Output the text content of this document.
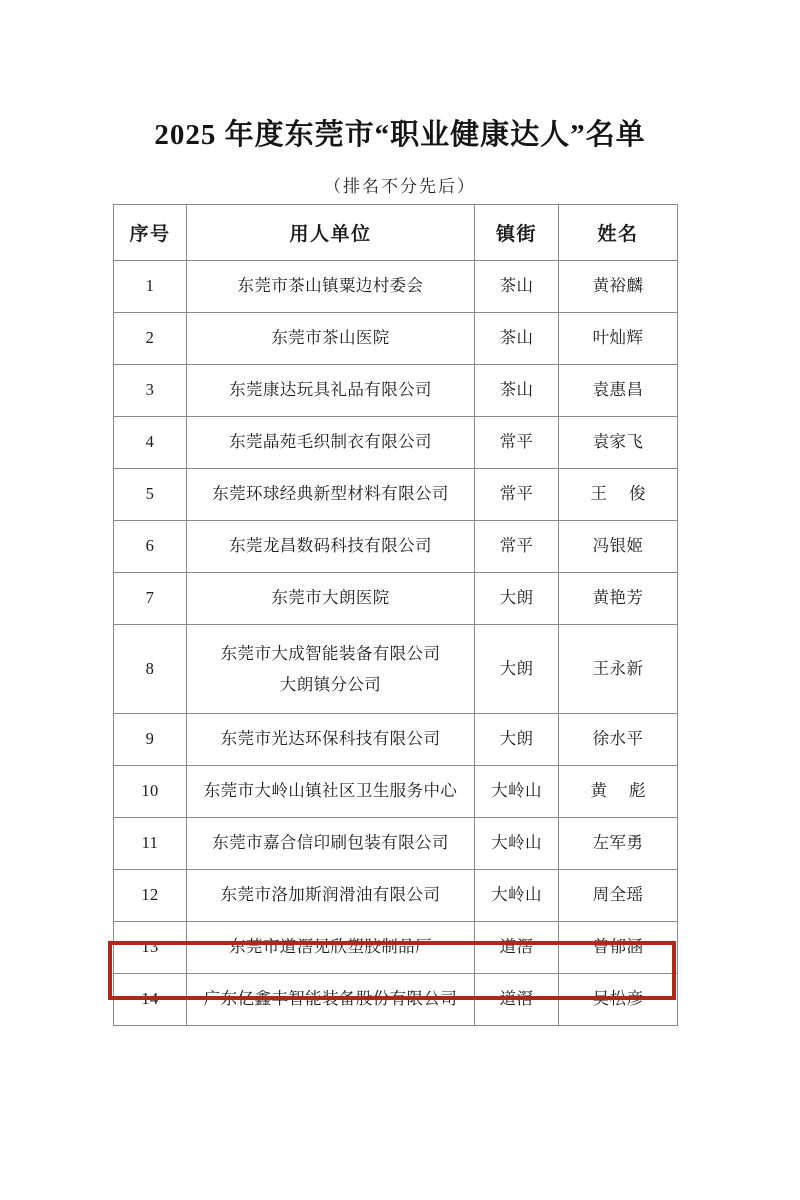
2025 年度东莞市“职业健康达人”名单
（排名不分先后）
序号	用人单位	镇街	姓名
1	东莞市茶山镇粟边村委会	茶山	黄裕麟
2	东莞市茶山医院	茶山	叶灿辉
3	东莞康达玩具礼品有限公司	茶山	袁惠昌
4	东莞晶苑毛织制衣有限公司	常平	袁家飞
5	东莞环球经典新型材料有限公司	常平	王 俊
6	东莞龙昌数码科技有限公司	常平	冯银姬
7	东莞市大朗医院	大朗	黄艳芳
8	东莞市大成智能装备有限公司
大朗镇分公司	大朗	王永新
9	东莞市光达环保科技有限公司	大朗	徐水平
10	东莞市大岭山镇社区卫生服务中心	大岭山	黄 彪
11	东莞市嘉合信印刷包装有限公司	大岭山	左军勇
12	东莞市洛加斯润滑油有限公司	大岭山	周全瑶
13	东莞市道滘见欣塑胶制品厂	道滘	曾郁涵
14	广东亿鑫丰智能装备股份有限公司	道滘	吴松彦
